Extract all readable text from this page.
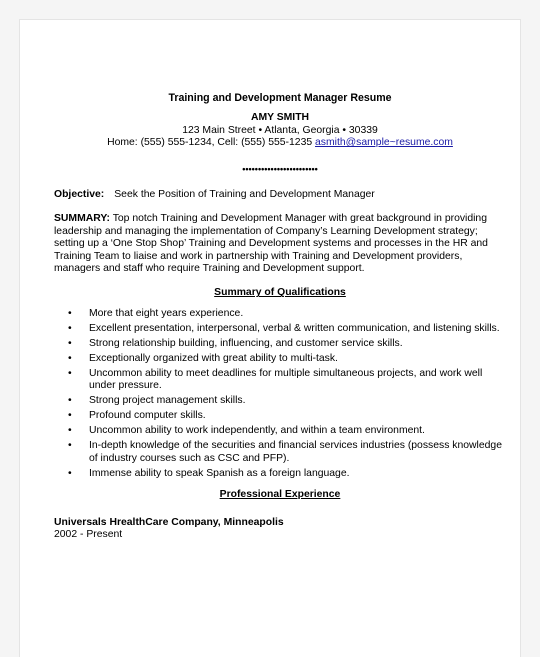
Training and Development Manager Resume
AMY SMITH
123 Main Street • Atlanta, Georgia • 30339
Home: (555) 555-1234, Cell: (555) 555-1235 asmith@sample~resume.com
••••••••••••••••••••••••
Objective: Seek the Position of Training and Development Manager
SUMMARY: Top notch Training and Development Manager with great background in providing leadership and managing the implementation of Company’s Learning Development strategy; setting up a ‘One Stop Shop’ Training and Development systems and processes in the HR and Training Team to liaise and work in partnership with Training and Development providers, managers and staff who require Training and Development support.
Summary of Qualifications
• More that eight years experience.
• Excellent presentation, interpersonal, verbal & written communication, and listening skills.
• Strong relationship building, influencing, and customer service skills.
• Exceptionally organized with great ability to multi-task.
• Uncommon ability to meet deadlines for multiple simultaneous projects, and work well under pressure.
• Strong project management skills.
• Profound computer skills.
• Uncommon ability to work independently, and within a team environment.
• In-depth knowledge of the securities and financial services industries (possess knowledge of industry courses such as CSC and PFP).
• Immense ability to speak Spanish as a foreign language.
Professional Experience
Universals HrealthCare Company, Minneapolis
2002 - Present
